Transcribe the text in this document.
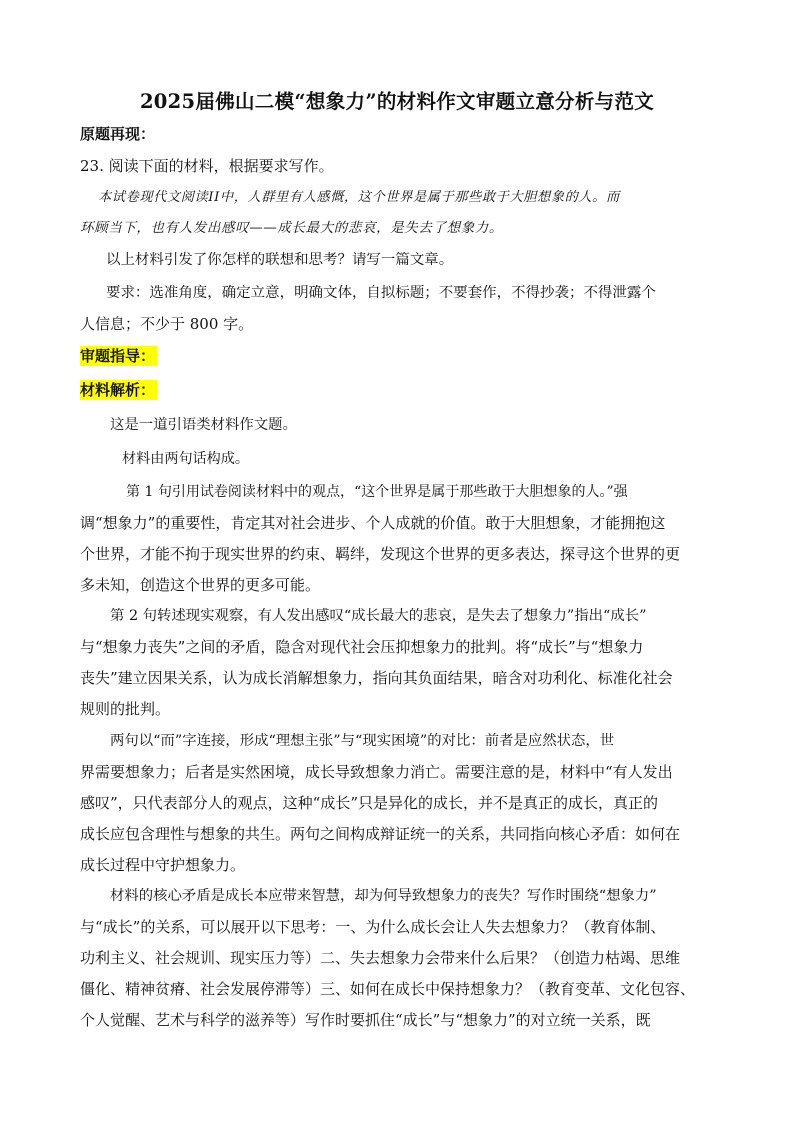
2025届佛山二模“想象力”的材料作文审题立意分析与范文

原题再现：

23. 阅读下面的材料，根据要求写作。

本试卷现代文阅读II中，人群里有人感慨，这个世界是属于那些敢于大胆想象的人。而

环顾当下，也有人发出感叹——成长最大的悲哀，是失去了想象力。

以上材料引发了你怎样的联想和思考？请写一篇文章。

要求：选准角度，确定立意，明确文体，自拟标题；不要套作，不得抄袭；不得泄露个

人信息；不少于 800 字。

审题指导：

材料解析：

这是一道引语类材料作文题。

材料由两句话构成。

第 1 句引用试卷阅读材料中的观点，“这个世界是属于那些敢于大胆想象的人。”强

调“想象力”的重要性，肯定其对社会进步、个人成就的价值。敢于大胆想象，才能拥抱这

个世界，才能不拘于现实世界的约束、羁绊，发现这个世界的更多表达，探寻这个世界的更

多未知，创造这个世界的更多可能。

第 2 句转述现实观察，有人发出感叹“成长最大的悲哀，是失去了想象力”指出“成长”

与“想象力丧失”之间的矛盾，隐含对现代社会压抑想象力的批判。将“成长”与“想象力

丧失”建立因果关系，认为成长消解想象力，指向其负面结果，暗含对功利化、标准化社会

规则的批判。

两句以“而”字连接，形成“理想主张”与“现实困境”的对比：前者是应然状态，世

界需要想象力；后者是实然困境，成长导致想象力消亡。需要注意的是，材料中“有人发出

感叹”，只代表部分人的观点，这种“成长”只是异化的成长，并不是真正的成长，真正的

成长应包含理性与想象的共生。两句之间构成辩证统一的关系，共同指向核心矛盾：如何在

成长过程中守护想象力。

材料的核心矛盾是成长本应带来智慧，却为何导致想象力的丧失？写作时围绕“想象力”

与“成长”的关系，可以展开以下思考：一、为什么成长会让人失去想象力？（教育体制、

功利主义、社会规训、现实压力等）二、失去想象力会带来什么后果？（创造力枯竭、思维

僵化、精神贫瘠、社会发展停滞等）三、如何在成长中保持想象力？（教育变革、文化包容、

个人觉醒、艺术与科学的滋养等）写作时要抓住“成长”与“想象力”的对立统一关系，既
